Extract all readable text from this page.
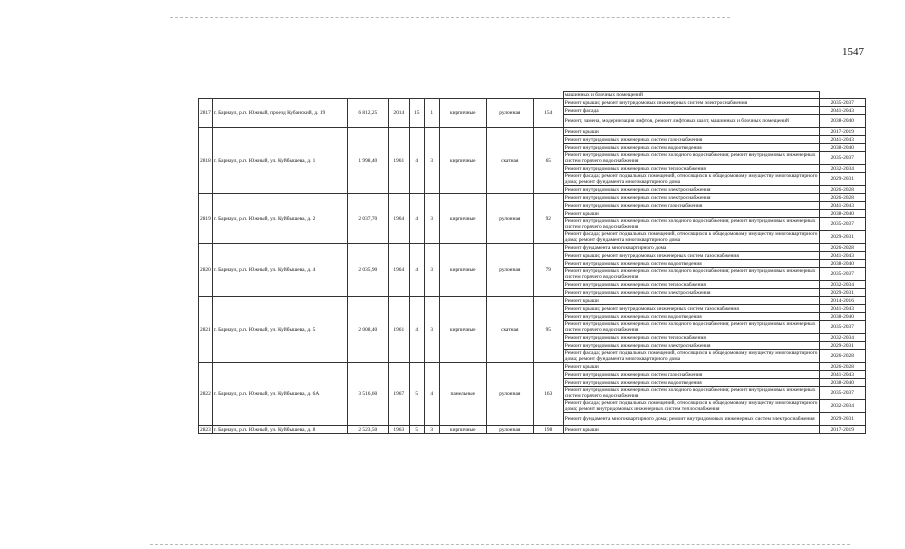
1547
									машинных и блочных помещений	
2817	г. Барнаул, р.п. Южный, проезд Кубанский, д. 19	6 812,25	2014	15	1	кирпичные	рулонная	154	Ремонт крыши; ремонт внутридомовых инженерных систем электроснабжения	2035-2037
									Ремонт фасада	2041-2043
									Ремонт, замена, модернизация лифтов, ремонт лифтовых шахт, машинных и блочных помещений	2038-2040
2818	г. Барнаул, р.п. Южный, ул. Куйбышева, д. 1	1 998,40	1961	4	3	кирпичные	скатная	65	Ремонт крыши	2017-2019
									Ремонт внутридомовых инженерных систем газоснабжения	2041-2043
									Ремонт внутридомовых инженерных систем водоотведения	2038-2040
									Ремонт внутридомовых инженерных систем холодного водоснабжения; ремонт внутридомовых инженерных систем горячего водоснабжения	2035-2037
									Ремонт внутридомовых инженерных систем теплоснабжения	2032-2034
									Ремонт фасада; ремонт подвальных помещений, относящихся к общедомовому имуществу многоквартирного дома; ремонт фундамента многоквартирного дома	2029-2031
									Ремонт внутридомовых инженерных систем электроснабжения	2026-2028
2819	г. Барнаул, р.п. Южный, ул. Куйбышева, д. 2	2 037,70	1964	4	3	кирпичные	рулонная	92	Ремонт внутридомовых инженерных систем электроснабжения	2026-2028
									Ремонт внутридомовых инженерных систем газоснабжения	2041-2043
									Ремонт крыши	2038-2040
									Ремонт внутридомовых инженерных систем холодного водоснабжения; ремонт внутридомовых инженерных систем горячего водоснабжения	2035-2037
									Ремонт фасада; ремонт подвальных помещений, относящихся к общедомовому имуществу многоквартирного дома; ремонт фундамента многоквартирного дома	2029-2031
2820	г. Барнаул, р.п. Южный, ул. Куйбышева, д. 4	2 035,90	1964	4	3	кирпичные	рулонная	79	Ремонт фундамента многоквартирного дома	2026-2028
									Ремонт крыши; ремонт внутридомовых инженерных систем газоснабжения	2041-2043
									Ремонт внутридомовых инженерных систем водоотведения	2038-2040
									Ремонт внутридомовых инженерных систем холодного водоснабжения; ремонт внутридомовых инженерных систем горячего водоснабжения	2035-2037
									Ремонт внутридомовых инженерных систем теплоснабжения	2032-2034
									Ремонт внутридомовых инженерных систем электроснабжения	2029-2031
2821	г. Барнаул, р.п. Южный, ул. Куйбышева, д. 5	2 008,40	1961	4	3	кирпичные	скатная	95	Ремонт крыши	2014-2016
									Ремонт крыши; ремонт внутридомовых инженерных систем газоснабжения	2041-2043
									Ремонт внутридомовых инженерных систем водоотведения	2038-2040
									Ремонт внутридомовых инженерных систем холодного водоснабжения; ремонт внутридомовых инженерных систем горячего водоснабжения	2035-2037
									Ремонт внутридомовых инженерных систем теплоснабжения	2032-2034
									Ремонт внутридомовых инженерных систем электроснабжения	2029-2031
									Ремонт фасада; ремонт подвальных помещений, относящихся к общедомовому имуществу многоквартирного дома; ремонт фундамента многоквартирного дома	2026-2028
2822	г. Барнаул, р.п. Южный, ул. Куйбышева, д. 6А	3 516,60	1967	5	4	панельные	рулонная	163	Ремонт крыши	2026-2028
									Ремонт внутридомовых инженерных систем газоснабжения	2041-2043
									Ремонт внутридомовых инженерных систем водоотведения	2038-2040
									Ремонт внутридомовых инженерных систем холодного водоснабжения; ремонт внутридомовых инженерных систем горячего водоснабжения	2035-2037
									Ремонт фасада; ремонт подвальных помещений, относящихся к общедомовому имуществу многоквартирного дома; ремонт внутридомовых инженерных систем теплоснабжения	2032-2034
									Ремонт фундамента многоквартирного дома; ремонт внутридомовых инженерных систем электроснабжения	2029-2031
2823	г. Барнаул, р.п. Южный, ул. Куйбышева, д. 8	2 523,50	1963	5	3	кирпичные	рулонная	198	Ремонт крыши	2017-2019
